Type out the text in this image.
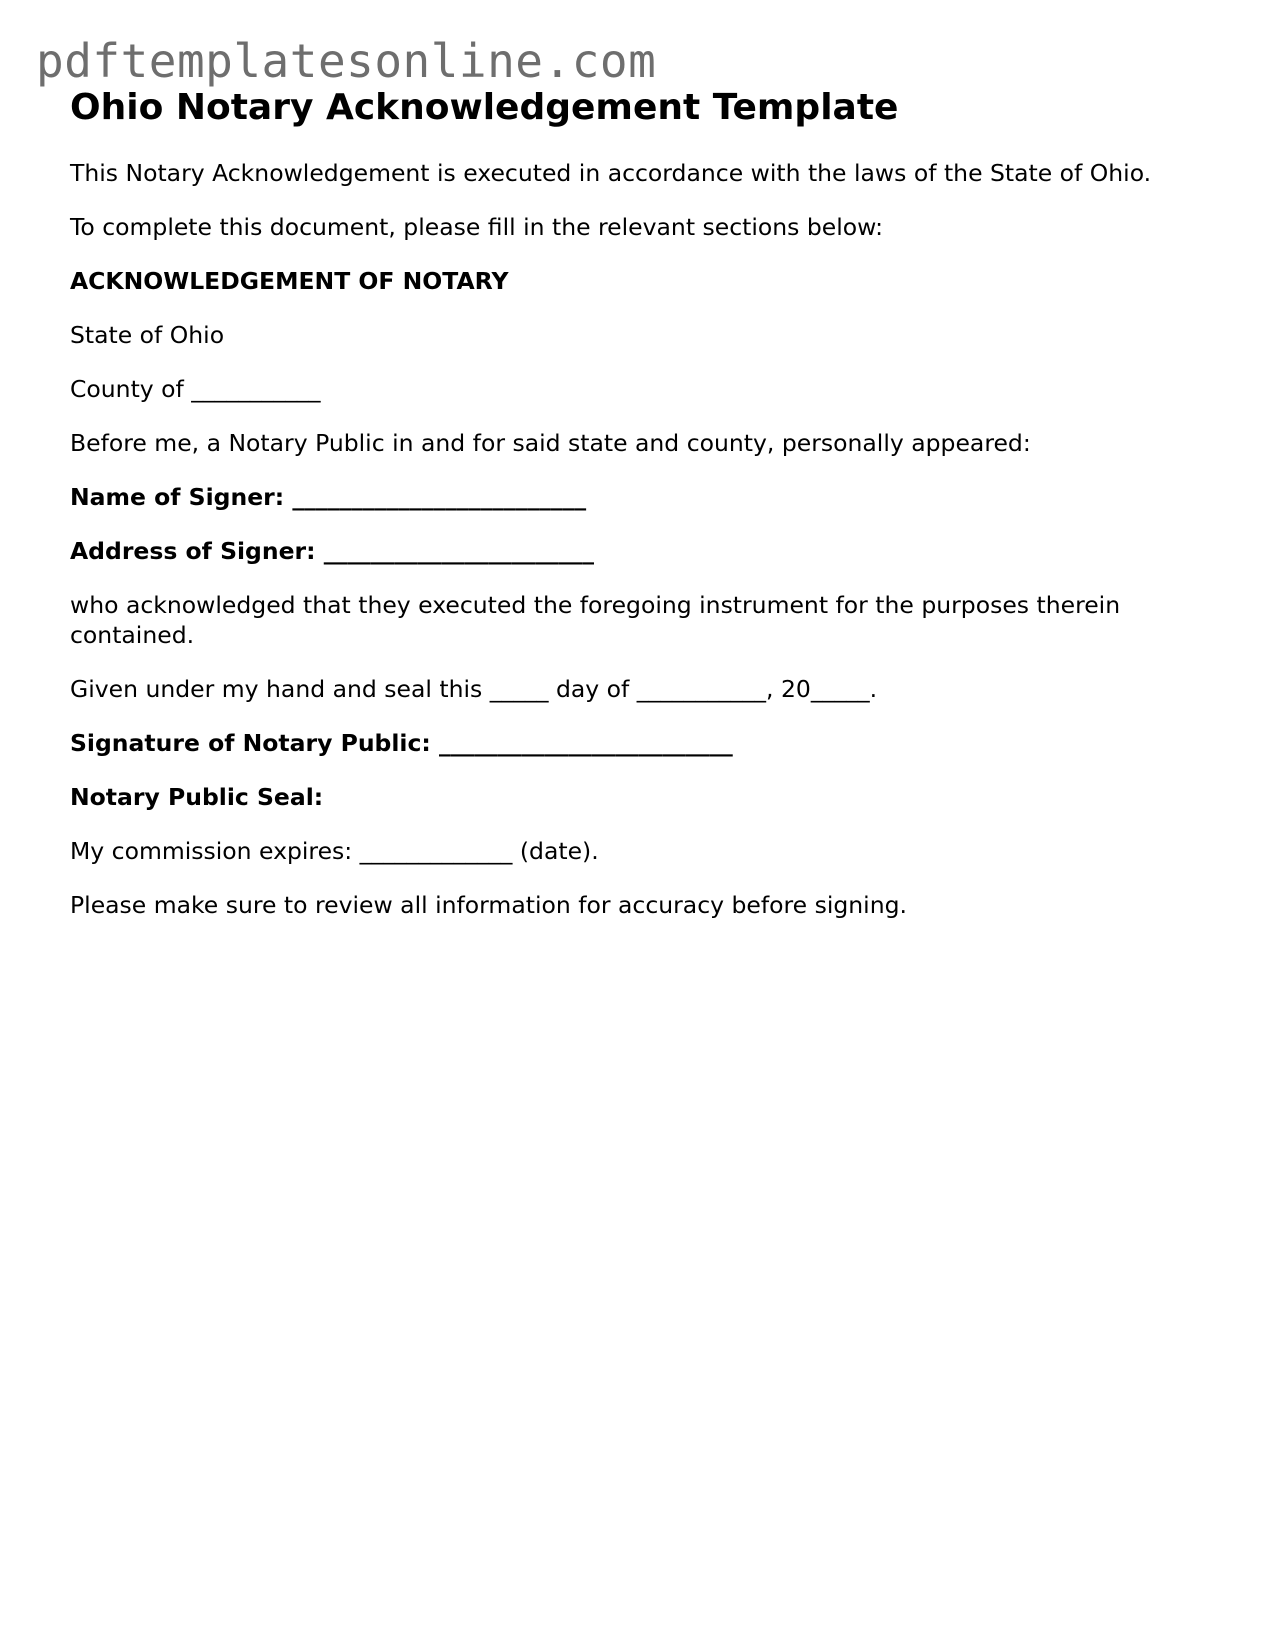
pdftemplatesonline.com
Ohio Notary Acknowledgement Template

This Notary Acknowledgement is executed in accordance with the laws of the State of Ohio.

To complete this document, please fill in the relevant sections below:

ACKNOWLEDGEMENT OF NOTARY

State of Ohio

County of ___________

Before me, a Notary Public in and for said state and county, personally appeared:

Name of Signer: _________________________

Address of Signer: _______________________

who acknowledged that they executed the foregoing instrument for the purposes therein contained.

Given under my hand and seal this _____ day of ___________, 20_____.

Signature of Notary Public: _________________________

Notary Public Seal:

My commission expires: _____________ (date).

Please make sure to review all information for accuracy before signing.
